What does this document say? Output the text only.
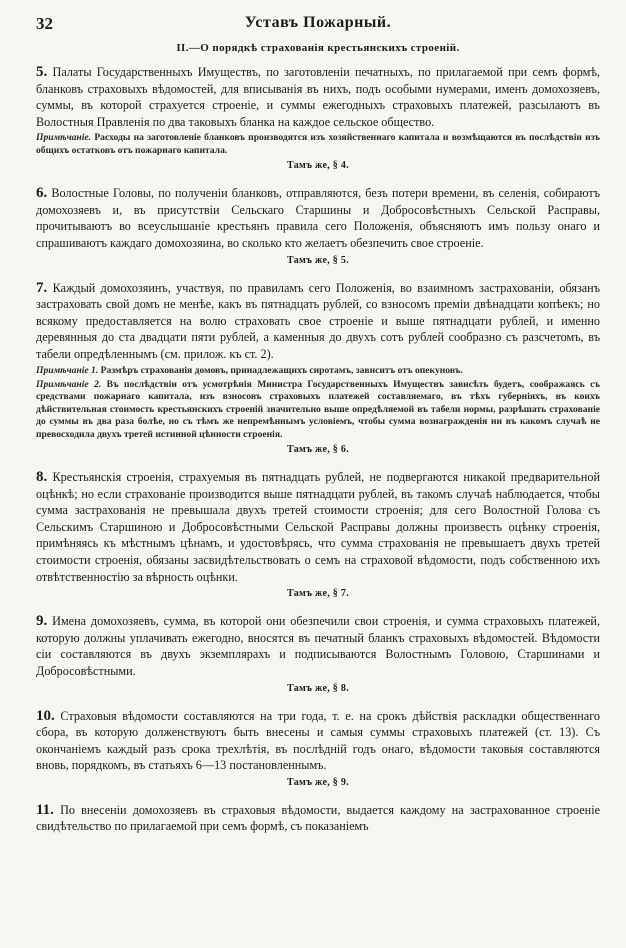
32	Уставъ Пожарный.
II.—О порядкѣ страхованія крестьянскихъ строеній.

5. Палаты Государственныхъ Имуществъ, по заготовленіи печатныхъ, по прилагаемой при семъ формѣ, бланковъ страховыхъ вѣдомостей, для вписыванія въ нихъ, подъ особыми нумерами, именъ домохозяевъ, суммы, въ которой страхуется строеніе, и суммы ежегодныхъ страховыхъ платежей, разсылаютъ въ Волостныя Правленія по два таковыхъ бланка на каждое сельское общество.

Примѣчаніе. Расходы на заготовленіе бланковъ производятся изъ хозяйственнаго капитала и возмѣщаются въ послѣдствіи изъ общихъ остатковъ отъ пожарнаго капитала.

Тамъ же, § 4.

6. Волостные Головы, по полученіи бланковъ, отправляются, безъ потери времени, въ селенія, собираютъ домохозяевъ и, въ присутствіи Сельскаго Старшины и Добросовѣстныхъ Сельской Расправы, прочитываютъ во всеуслышаніе крестьянъ правила сего Положенія, объясняютъ имъ пользу онаго и спрашиваютъ каждаго домохозяина, во сколько кто желаетъ обезпечить свое строеніе.

Тамъ же, § 5.

7. Каждый домохозяинъ, участвуя, по правиламъ сего Положенія, во взаимномъ застрахованіи, обязанъ застраховать свой домъ не менѣе, какъ въ пятнадцать рублей, со взносомъ преміи двѣнадцати копѣекъ; но всякому предоставляется на волю страховать свое строеніе и выше пятнадцати рублей, и именно деревянныя до ста двадцати пяти рублей, а каменныя до двухъ сотъ рублей сообразно съ разсчетомъ, въ табели опредѣленнымъ (см. прилож. къ ст. 2).

Примѣчаніе 1. Размѣръ страхованія домовъ, принадлежащихъ сиротамъ, зависитъ отъ опекуновъ.

Примѣчаніе 2. Въ послѣдствіи отъ усмотрѣнія Министра Государственныхъ Имуществъ зависѣть будетъ, соображаясь съ средствами пожарнаго капитала, изъ взносовъ страховыхъ платежей составляемаго, въ тѣхъ губерніяхъ, въ коихъ дѣйствительная стоимость крестьянскихъ строеній значительно выше опредѣляемой въ табели нормы, разрѣшать страхованіе до суммы въ два раза болѣе, но съ тѣмъ же непремѣннымъ условіемъ, чтобы сумма вознагражденія ни въ какомъ случаѣ не превосходила двухъ третей истинной цѣнности строенія.

Тамъ же, § 6.

8. Крестьянскія строенія, страхуемыя въ пятнадцать рублей, не подвергаются никакой предварительной оцѣнкѣ; но если страхованіе производится выше пятнадцати рублей, въ такомъ случаѣ наблюдается, чтобы сумма застрахованія не превышала двухъ третей стоимости строенія; для сего Волостной Голова съ Сельскимъ Старшиною и Добросовѣстными Сельской Расправы должны произвесть оцѣнку строенія, примѣняясь къ мѣстнымъ цѣнамъ, и удостовѣрясь, что сумма страхованія не превышаетъ двухъ третей стоимости строенія, обязаны засвидѣтельствовать о семъ на страховой вѣдомости, подъ собственною ихъ отвѣтственностію за вѣрность оцѣнки.

Тамъ же, § 7.

9. Имена домохозяевъ, сумма, въ которой они обезпечили свои строенія, и сумма страховыхъ платежей, которую должны уплачивать ежегодно, вносятся въ печатный бланкъ страховыхъ вѣдомостей. Вѣдомости сіи составляются въ двухъ экземплярахъ и подписываются Волостнымъ Головою, Старшинами и Добросовѣстными.

Тамъ же, § 8.

10. Страховыя вѣдомости составляются на три года, т. е. на срокъ дѣйствія раскладки общественнаго сбора, въ которую долженствуютъ быть внесены и самыя суммы страховыхъ платежей (ст. 13). Съ окончаніемъ каждый разъ срока трехлѣтія, въ послѣдній годъ онаго, вѣдомости таковыя составляются вновь, порядкомъ, въ статьяхъ 6—13 постановленнымъ.

Тамъ же, § 9.

11. По внесеніи домохозяевъ въ страховыя вѣдомости, выдается каждому на застрахованное строеніе свидѣтельство по прилагаемой при семъ формѣ, съ показаніемъ
